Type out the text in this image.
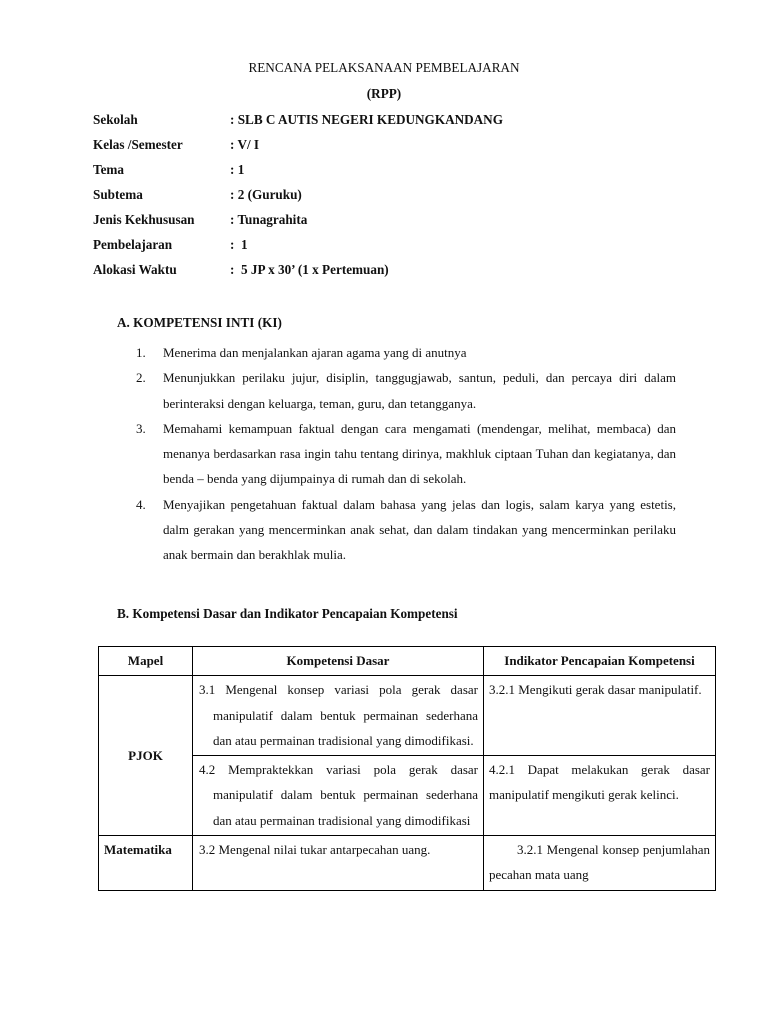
RENCANA PELAKSANAAN PEMBELAJARAN
(RPP)
Sekolah	: SLB C AUTIS NEGERI KEDUNGKANDANG
Kelas /Semester	: V/ I
Tema	: 1
Subtema	: 2 (Guruku)
Jenis Kekhususan	: Tunagrahita
Pembelajaran	:  1
Alokasi Waktu	:  5 JP x 30’ (1 x Pertemuan)
A. KOMPETENSI INTI (KI)
1.	Menerima dan menjalankan ajaran agama yang di anutnya
2.	Menunjukkan perilaku jujur, disiplin, tanggugjawab, santun, peduli, dan percaya diri dalam berinteraksi dengan keluarga, teman, guru, dan tetangganya.
3.	Memahami kemampuan faktual dengan cara mengamati (mendengar, melihat, membaca) dan menanya berdasarkan rasa ingin tahu tentang dirinya, makhluk ciptaan Tuhan dan kegiatanya, dan benda – benda yang dijumpainya di rumah dan di sekolah.
4.	Menyajikan pengetahuan faktual dalam bahasa yang jelas dan logis, salam karya yang estetis, dalm gerakan yang mencerminkan anak sehat, dan dalam tindakan yang mencerminkan perilaku anak bermain dan berakhlak mulia.
B. Kompetensi Dasar dan Indikator Pencapaian Kompetensi
Mapel	Kompetensi Dasar	Indikator Pencapaian Kompetensi
PJOK	3.1 Mengenal konsep variasi pola gerak dasar manipulatif dalam bentuk permainan sederhana dan atau permainan tradisional yang dimodifikasi.	3.2.1 Mengikuti gerak dasar manipulatif.
	4.2 Mempraktekkan variasi pola gerak dasar manipulatif dalam bentuk permainan sederhana dan atau permainan tradisional yang dimodifikasi	4.2.1 Dapat melakukan gerak dasar manipulatif mengikuti gerak kelinci.
Matematika	3.2 Mengenal nilai tukar antarpecahan uang.	3.2.1 Mengenal konsep penjumlahan pecahan mata uang
